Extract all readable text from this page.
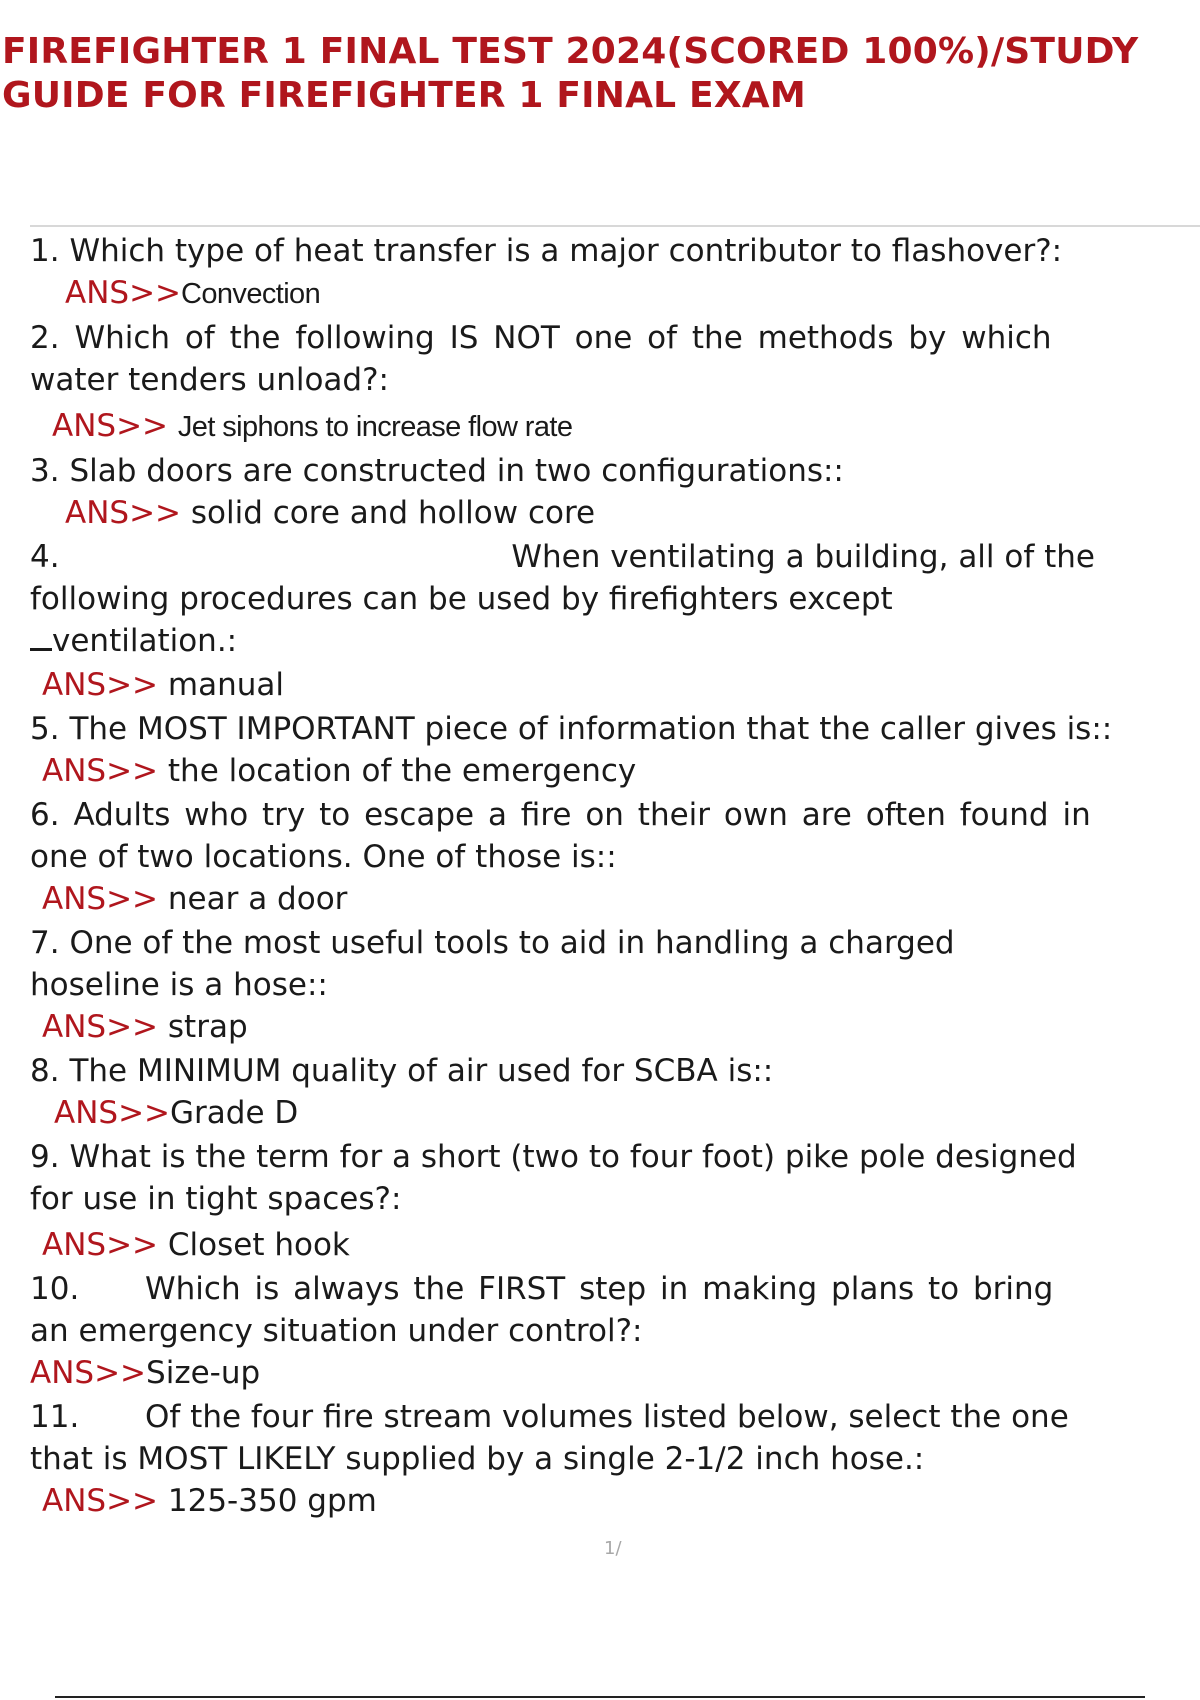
FIREFIGHTER 1 FINAL TEST 2024(SCORED 100%)/STUDY GUIDE FOR FIREFIGHTER 1 FINAL EXAM

1. Which type of heat transfer is a major contributor to flashover?:

ANS>>Convection

2. Which of the following IS NOT one of the methods by which

water tenders unload?:

ANS>> Jet siphons to increase flow rate

3. Slab doors are constructed in two configurations::

ANS>> solid core and hollow core

4.	When ventilating a building, all of the

following procedures can be used by firefighters except

ventilation.:

ANS>> manual

5. The MOST IMPORTANT piece of information that the caller gives is::

ANS>> the location of the emergency

6. Adults who try to escape a fire on their own are often found in

one of two locations. One of those is::

ANS>> near a door

7. One of the most useful tools to aid in handling a charged

hoseline is a hose::

ANS>> strap

8. The MINIMUM quality of air used for SCBA is::

ANS>>Grade D

9. What is the term for a short (two to four foot) pike pole designed

for use in tight spaces?:

ANS>> Closet hook

10. Which is always the FIRST step in making plans to bring

an emergency situation under control?:

ANS>>Size-up

11. Of the four fire stream volumes listed below, select the one

that is MOST LIKELY supplied by a single 2-1/2 inch hose.:

ANS>> 125-350 gpm

1/
